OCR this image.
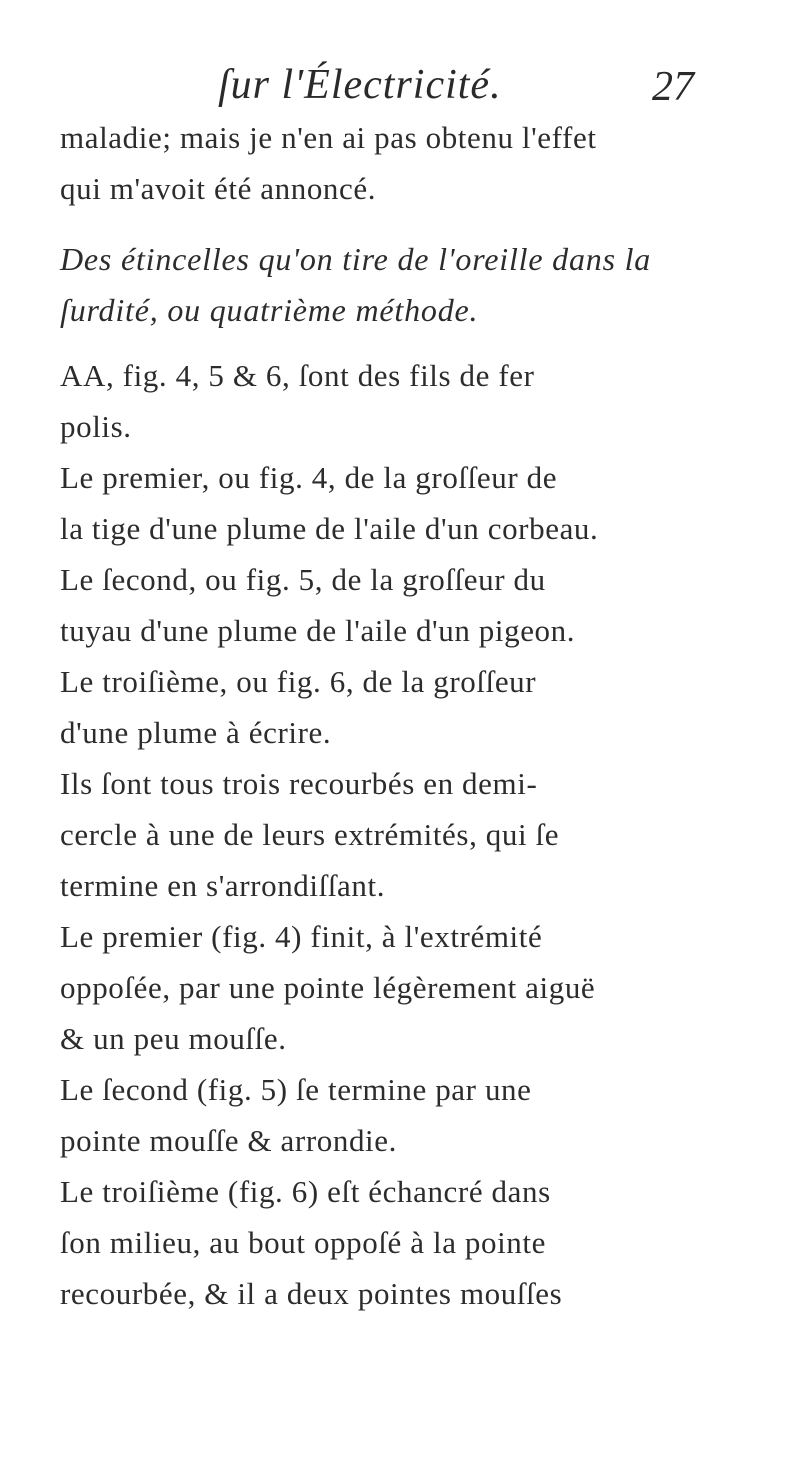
ſur l'Électricité.	27
maladie; mais je n'en ai pas obtenu l'effet
qui m'avoit été annoncé.
Des étincelles qu'on tire de l'oreille dans la
ſurdité, ou quatrième méthode.
AA, fig. 4, 5 & 6, ſont des fils de fer
polis.
Le premier, ou fig. 4, de la groſſeur de
la tige d'une plume de l'aile d'un corbeau.
Le ſecond, ou fig. 5, de la groſſeur du
tuyau d'une plume de l'aile d'un pigeon.
Le troiſième, ou fig. 6, de la groſſeur
d'une plume à écrire.
Ils ſont tous trois recourbés en demi-
cercle à une de leurs extrémités, qui ſe
termine en s'arrondiſſant.
Le premier (fig. 4) finit, à l'extrémité
oppoſée, par une pointe légèrement aiguë
& un peu mouſſe.
Le ſecond (fig. 5) ſe termine par une
pointe mouſſe & arrondie.
Le troiſième (fig. 6) eſt échancré dans
ſon milieu, au bout oppoſé à la pointe
recourbée, & il a deux pointes mouſſes
